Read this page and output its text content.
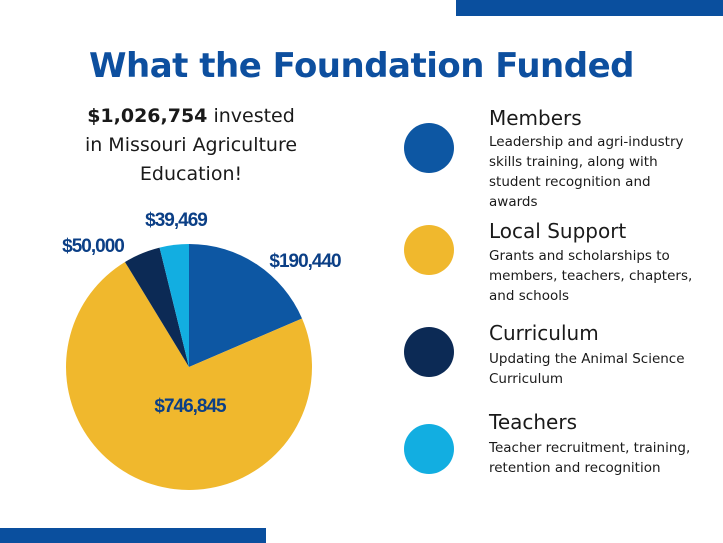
What the Foundation Funded
$1,026,754 invested in Missouri Agriculture Education!
$190,440
$746,845
$50,000
$39,469
Members
Leadership and agri-industry skills training, along with student recognition and awards
Local Support
Grants and scholarships to members, teachers, chapters, and schools
Curriculum
Updating the Animal Science Curriculum
Teachers
Teacher recruitment, training, retention and recognition
